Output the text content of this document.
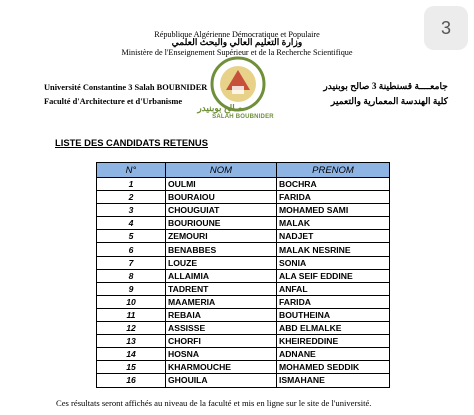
3
République Algérienne Démocratique et Populaire
وزارة التعليم العالي والبحث العلمي
Ministère de l'Enseignement Supérieur et de la Recherche Scientifique
Université Constantine 3 Salah BOUBNIDER
Faculté d'Architecture et d'Urbanisme
جامعــــة قسنطينة 3 صالح بوبنيدر
كلية الهندسة المعمارية والتعمير
صالح بوبنيدر
SALAH BOUBNIDER
LISTE DES CANDIDATS RETENUS
N°	NOM	PRENOM
1	OULMI	BOCHRA
2	BOURAIOU	FARIDA
3	CHOUGUIAT	MOHAMED SAMI
4	BOURIOUNE	MALAK
5	ZEMOURI	NADJET
6	BENABBES	MALAK NESRINE
7	LOUZE	SONIA
8	ALLAIMIA	ALA SEIF EDDINE
9	TADRENT	ANFAL
10	MAAMERIA	FARIDA
11	REBAIA	BOUTHEINA
12	ASSISSE	ABD ELMALKE
13	CHORFI	KHEIREDDINE
14	HOSNA	ADNANE
15	KHARMOUCHE	MOHAMED SEDDIK
16	GHOUILA	ISMAHANE
Ces résultats seront affichés au niveau de la faculté et mis en ligne sur le site de l'université.
